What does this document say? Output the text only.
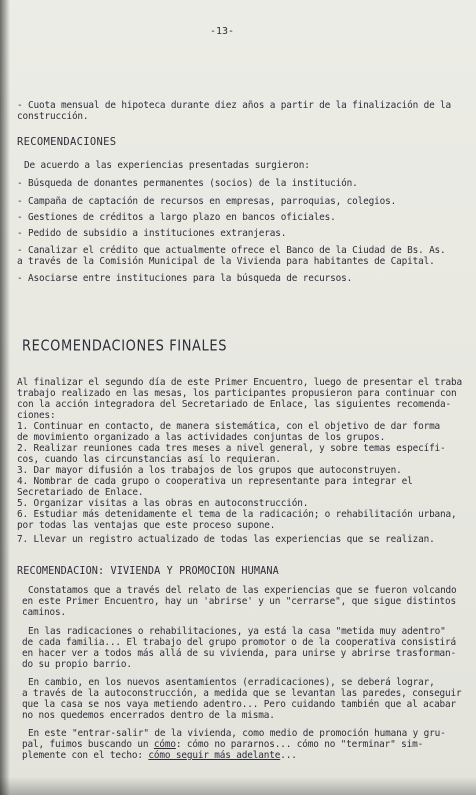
-13-
- Cuota mensual de hipoteca durante diez años a partir de la finalización de la
construcción.
RECOMENDACIONES
De acuerdo a las experiencias presentadas surgieron:
- Búsqueda de donantes permanentes (socios) de la institución.
- Campaña de captación de recursos en empresas, parroquias, colegios.
- Gestiones de créditos a largo plazo en bancos oficiales.
- Pedido de subsidio a instituciones extranjeras.
- Canalizar el crédito que actualmente ofrece el Banco de la Ciudad de Bs. As.
a través de la Comisión Municipal de la Vivienda para habitantes de Capital.
- Asociarse entre instituciones para la búsqueda de recursos.
RECOMENDACIONES FINALES
Al finalizar el segundo día de este Primer Encuentro, luego de presentar el traba
trabajo realizado en las mesas, los participantes propusieron para continuar con
con la acción integradora del Secretariado de Enlace, las siguientes recomenda-
ciones:
1. Continuar en contacto, de manera sistemática, con el objetivo de dar forma
de movimiento organizado a las actividades conjuntas de los grupos.
2. Realizar reuniones cada tres meses a nivel general, y sobre temas específi-
cos, cuando las circunstancias así lo requieran.
3. Dar mayor difusión a los trabajos de los grupos que autoconstruyen.
4. Nombrar de cada grupo o cooperativa un representante para integrar el
Secretariado de Enlace.
5. Organizar visitas a las obras en autoconstrucción.
6. Estudiar más detenidamente el tema de la radicación; o rehabilitación urbana,
por todas las ventajas que este proceso supone.
7. Llevar un registro actualizado de todas las experiencias que se realizan.
RECOMENDACION: VIVIENDA Y PROMOCION HUMANA
Constatamos que a través del relato de las experiencias que se fueron volcando
en este Primer Encuentro, hay un 'abrirse' y un "cerrarse", que sigue distintos
caminos.
En las radicaciones o rehabilitaciones, ya está la casa "metida muy adentro"
de cada familia... El trabajo del grupo promotor o de la cooperativa consistirá
en hacer ver a todos más allá de su vivienda, para unirse y abrirse trasforman-
do su propio barrio.
En cambio, en los nuevos asentamientos (erradicaciones), se deberá lograr,
a través de la autoconstrucción, a medida que se levantan las paredes, conseguir
que la casa se nos vaya metiendo adentro... Pero cuidando también que al acabar
no nos quedemos encerrados dentro de la misma.
En este "entrar-salir" de la vivienda, como medio de promoción humana y gru-
pal, fuimos buscando un cómo: cómo no pararnos... cómo no "terminar" sim-
plemente con el techo: cómo seguir más adelante...
